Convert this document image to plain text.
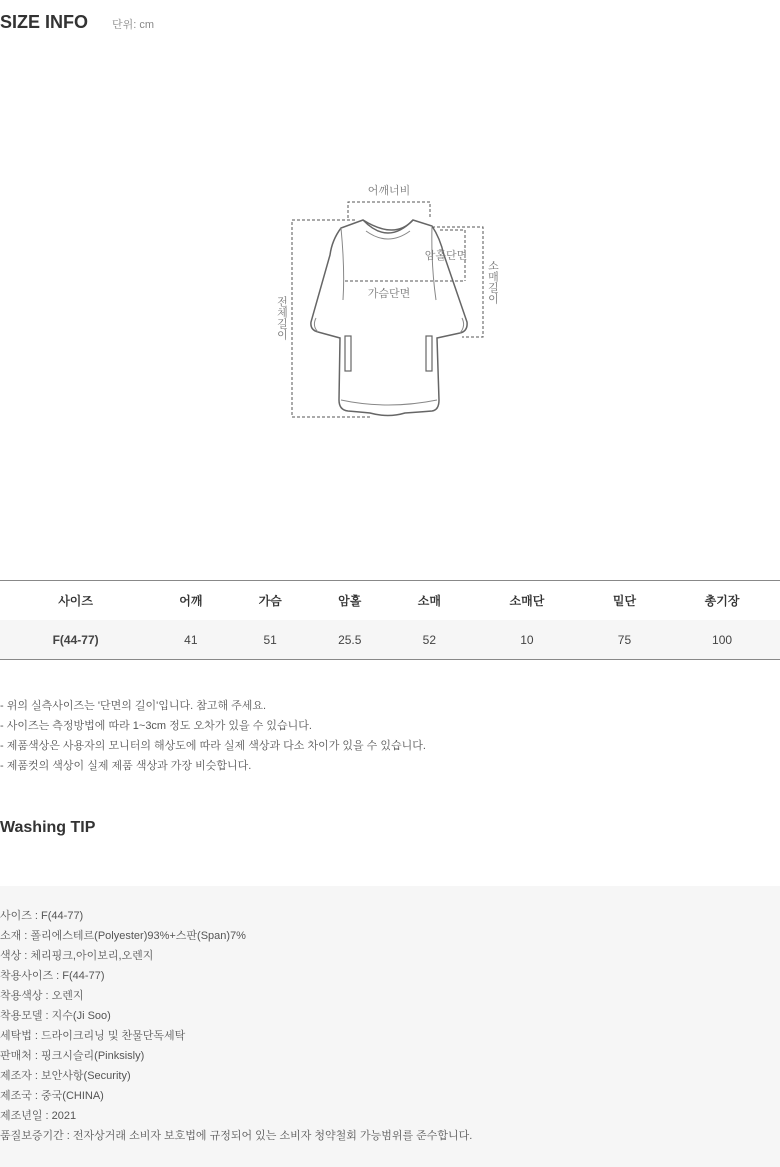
SIZE INFO 단위: cm
어깨너비
암홀단면
가슴단면	소매길이
전체길이
사이즈	어깨	가슴	암홀	소매	소매단	밑단	총기장
F(44-77)	41	51	25.5	52	10	75	100
- 위의 실측사이즈는 '단면의 길이'입니다. 참고해 주세요.
- 사이즈는 측정방법에 따라 1~3cm 정도 오차가 있을 수 있습니다.
- 제품색상은 사용자의 모니터의 해상도에 따라 실제 색상과 다소 차이가 있을 수 있습니다.
- 제품컷의 색상이 실제 제품 색상과 가장 비슷합니다.
Washing TIP
사이즈 : F(44-77)
소재 : 폴리에스테르(Polyester)93%+스판(Span)7%
색상 : 체리핑크,아이보리,오렌지
착용사이즈 : F(44-77)
착용색상 : 오렌지
착용모델 : 지수(Ji Soo)
세탁법 : 드라이크리닝 및 찬물단독세탁
판매처 : 핑크시슬리(Pinksisly)
제조자 : 보안사항(Security)
제조국 : 중국(CHINA)
제조년일 : 2021
품질보증기간 : 전자상거래 소비자 보호법에 규정되어 있는 소비자 청약철회 가능범위를 준수합니다.
